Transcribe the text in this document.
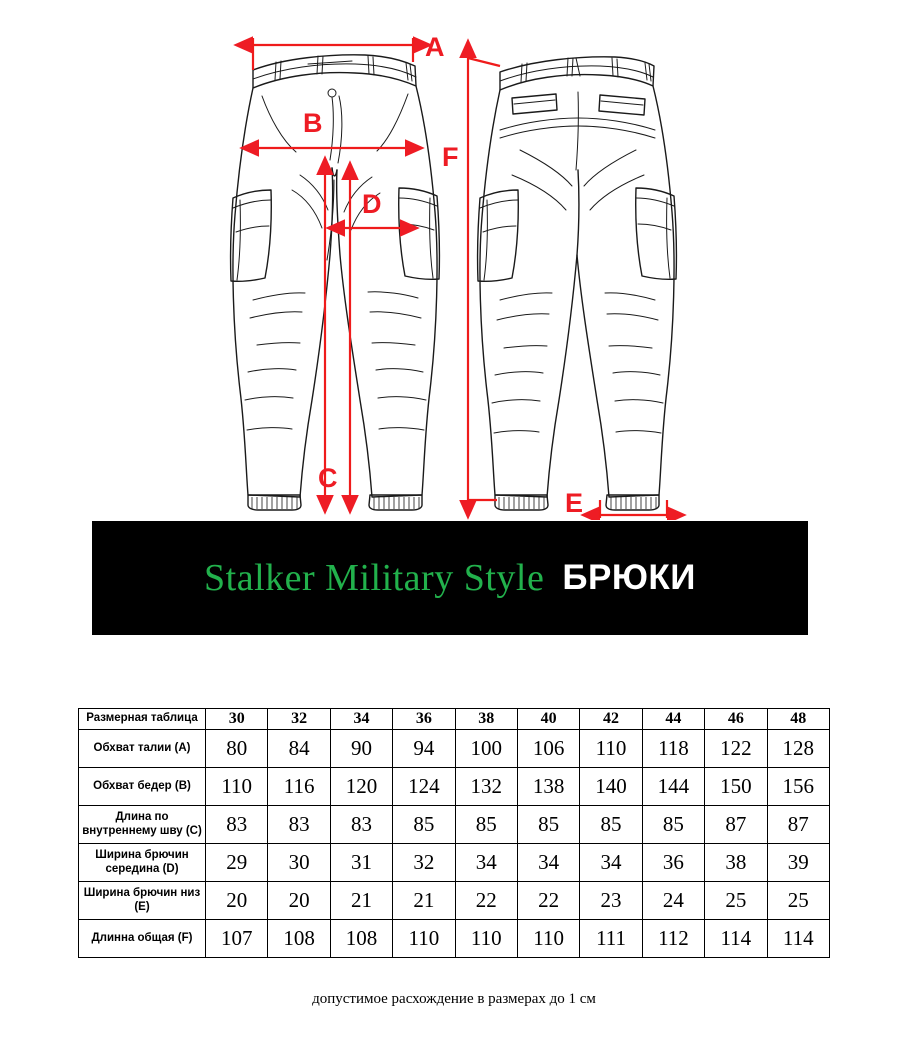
A
B
C
D
E
F
Stalker Military Style БРЮКИ
Размерная таблица	30	32	34	36	38	40	42	44	46	48
Обхват талии (A)	80	84	90	94	100	106	110	118	122	128
Обхват бедер (B)	110	116	120	124	132	138	140	144	150	156
Длина по внутреннему шву (C)	83	83	83	85	85	85	85	85	87	87
Ширина брючин середина (D)	29	30	31	32	34	34	34	36	38	39
Ширина брючин низ (E)	20	20	21	21	22	22	23	24	25	25
Длинна общая (F)	107	108	108	110	110	110	111	112	114	114
допустимое расхождение в размерах до 1 см
